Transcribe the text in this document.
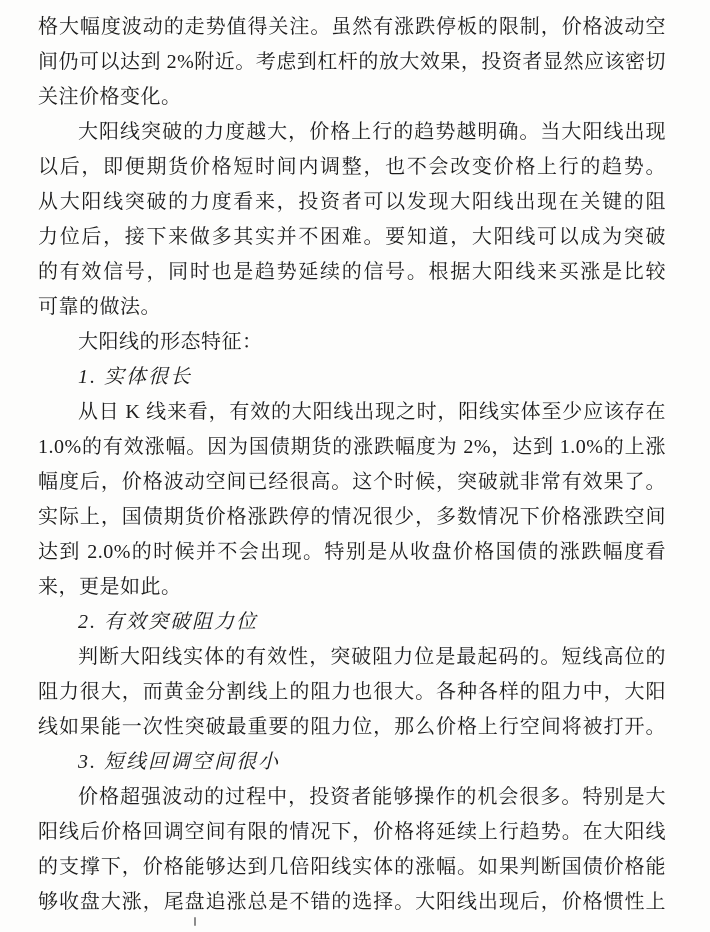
格大幅度波动的走势值得关注。虽然有涨跌停板的限制，价格波动空
间仍可以达到 2%附近。考虑到杠杆的放大效果，投资者显然应该密切
关注价格变化。
大阳线突破的力度越大，价格上行的趋势越明确。当大阳线出现
以后，即便期货价格短时间内调整，也不会改变价格上行的趋势。
从大阳线突破的力度看来，投资者可以发现大阳线出现在关键的阻
力位后，接下来做多其实并不困难。要知道，大阳线可以成为突破
的有效信号，同时也是趋势延续的信号。根据大阳线来买涨是比较
可靠的做法。
大阳线的形态特征：
1. 实体很长
从日 K 线来看，有效的大阳线出现之时，阳线实体至少应该存在
1.0%的有效涨幅。因为国债期货的涨跌幅度为 2%，达到 1.0%的上涨
幅度后，价格波动空间已经很高。这个时候，突破就非常有效果了。
实际上，国债期货价格涨跌停的情况很少，多数情况下价格涨跌空间
达到 2.0%的时候并不会出现。特别是从收盘价格国债的涨跌幅度看
来，更是如此。
2. 有效突破阻力位
判断大阳线实体的有效性，突破阻力位是最起码的。短线高位的
阻力很大，而黄金分割线上的阻力也很大。各种各样的阻力中，大阳
线如果能一次性突破最重要的阻力位，那么价格上行空间将被打开。
3. 短线回调空间很小
价格超强波动的过程中，投资者能够操作的机会很多。特别是大
阳线后价格回调空间有限的情况下，价格将延续上行趋势。在大阳线
的支撑下，价格能够达到几倍阳线实体的涨幅。如果判断国债价格能
够收盘大涨，尾盘追涨总是不错的选择。大阳线出现后，价格惯性上
